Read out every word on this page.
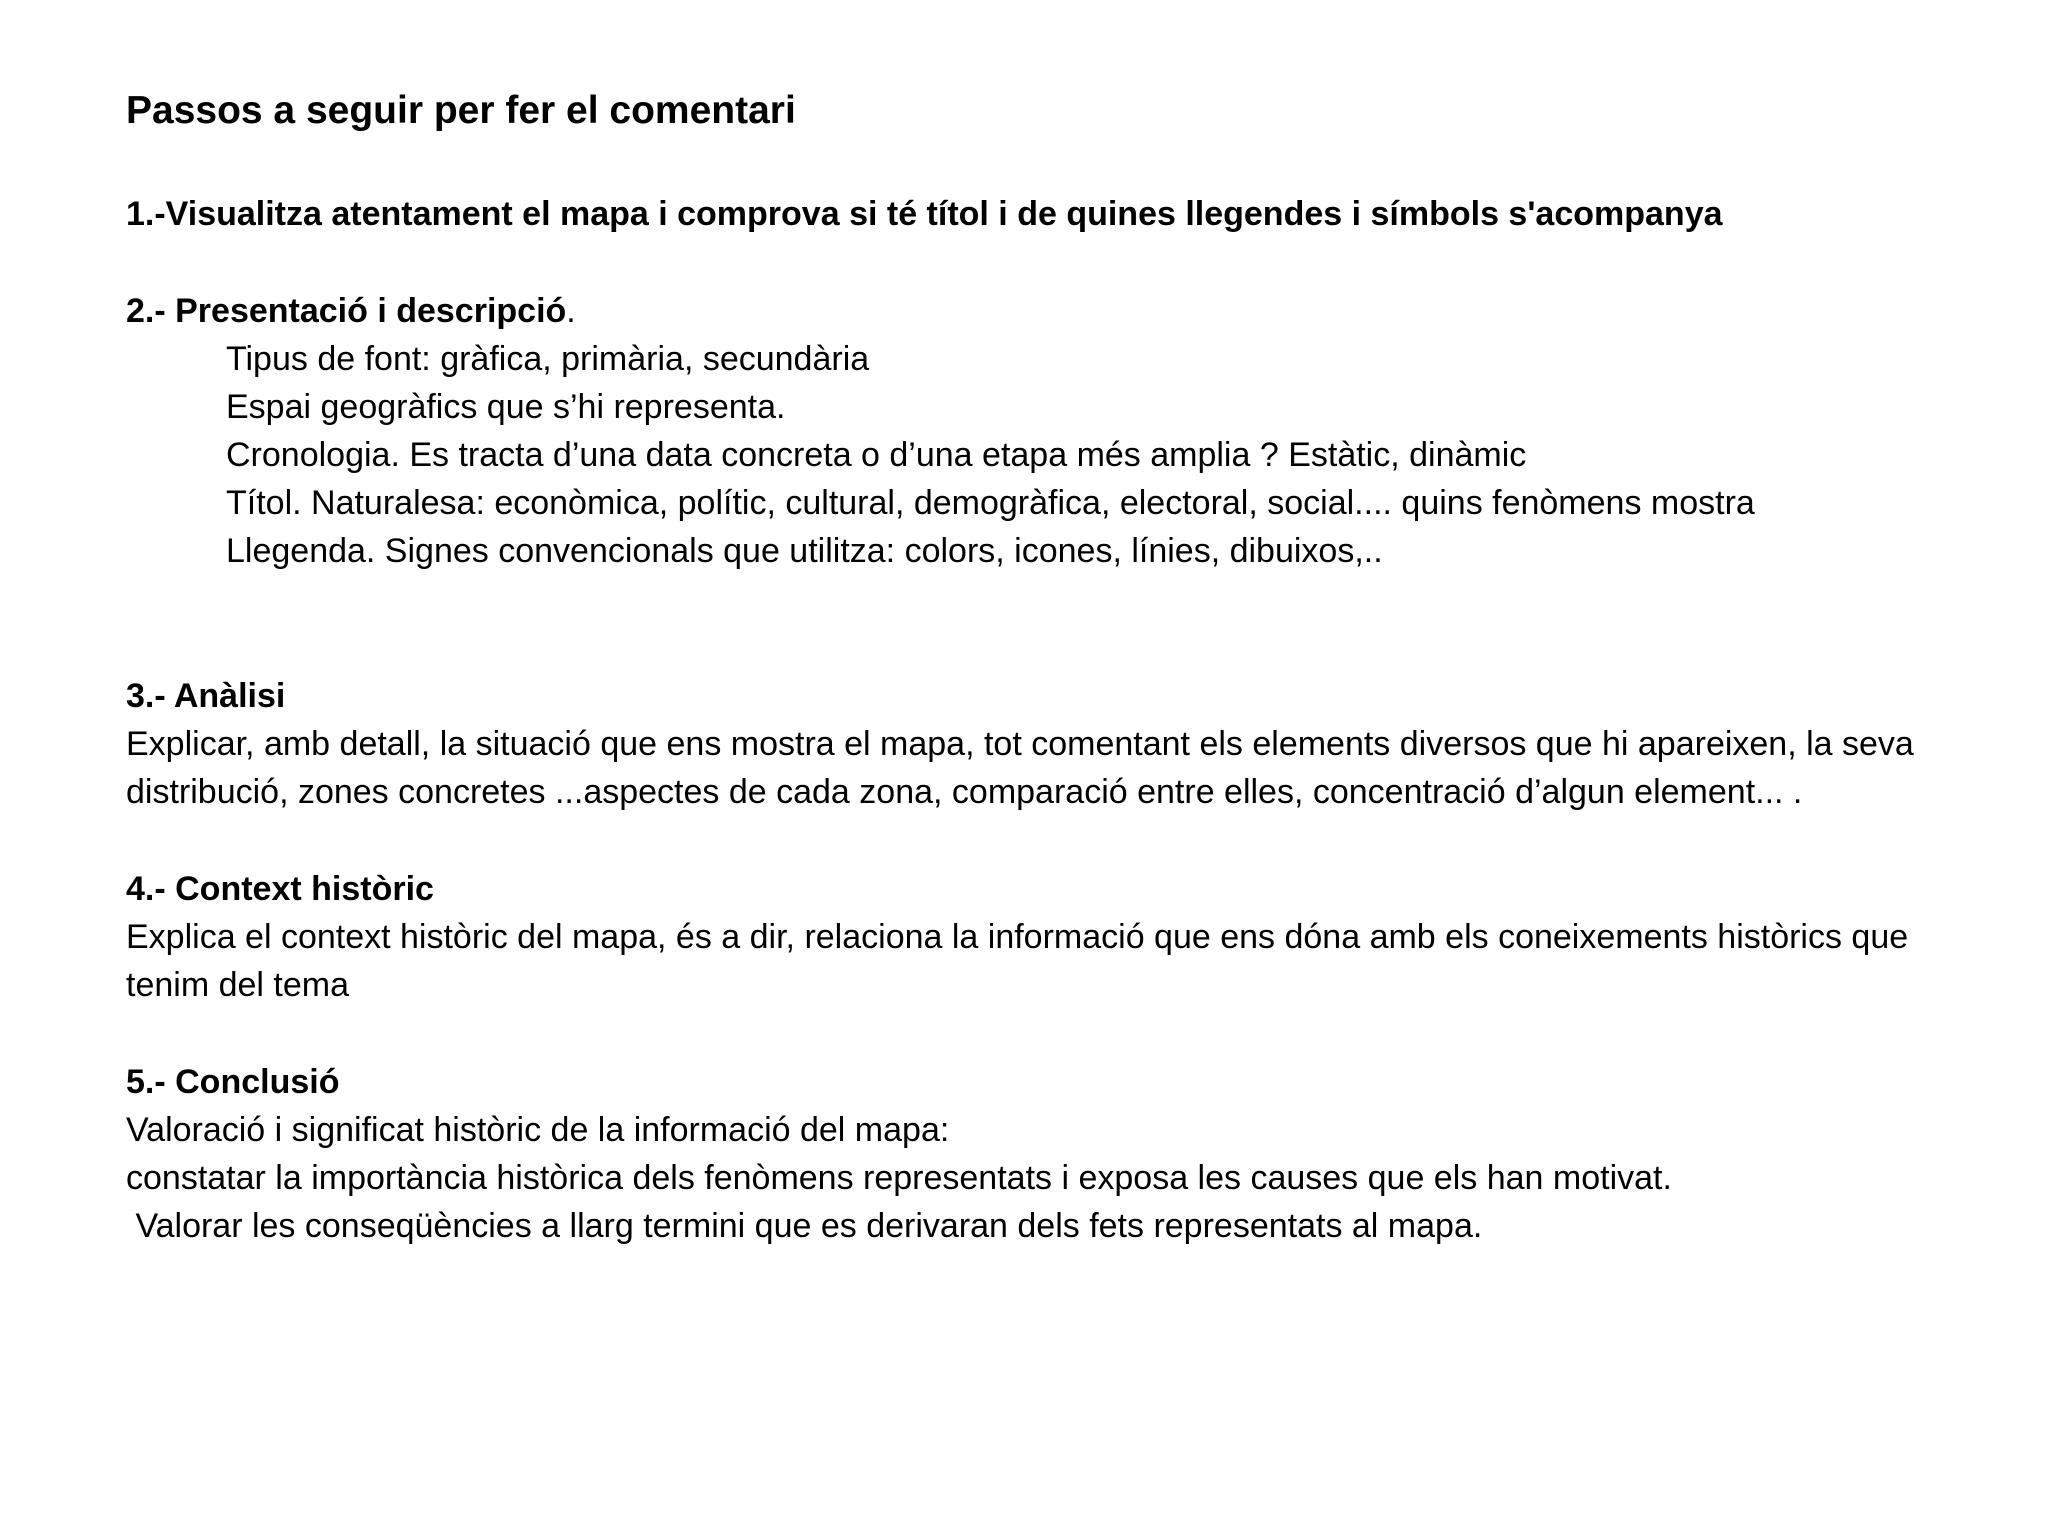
Passos a seguir per fer el comentari

1.-Visualitza atentament el mapa i comprova si té títol i de quines llegendes i símbols s'acompanya

2.- Presentació i descripció.

Tipus de font: gràfica, primària, secundària

Espai geogràfics que s’hi representa.

Cronologia. Es tracta d’una data concreta o d’una etapa més amplia ? Estàtic, dinàmic

Títol. Naturalesa: econòmica, polític, cultural, demogràfica, electoral, social.... quins fenòmens mostra

Llegenda. Signes convencionals que utilitza: colors, icones, línies, dibuixos,..

3.- Anàlisi

Explicar, amb detall, la situació que ens mostra el mapa, tot comentant els elements diversos que hi apareixen, la seva distribució, zones concretes ...aspectes de cada zona, comparació entre elles, concentració d’algun element... .

4.- Context històric

Explica el context històric del mapa, és a dir, relaciona la informació que ens dóna amb els coneixements històrics que tenim del tema

5.- Conclusió

Valoració i significat històric de la informació del mapa:

constatar la importància històrica dels fenòmens representats i exposa les causes que els han motivat.

Valorar les conseqüències a llarg termini que es derivaran dels fets representats al mapa.
